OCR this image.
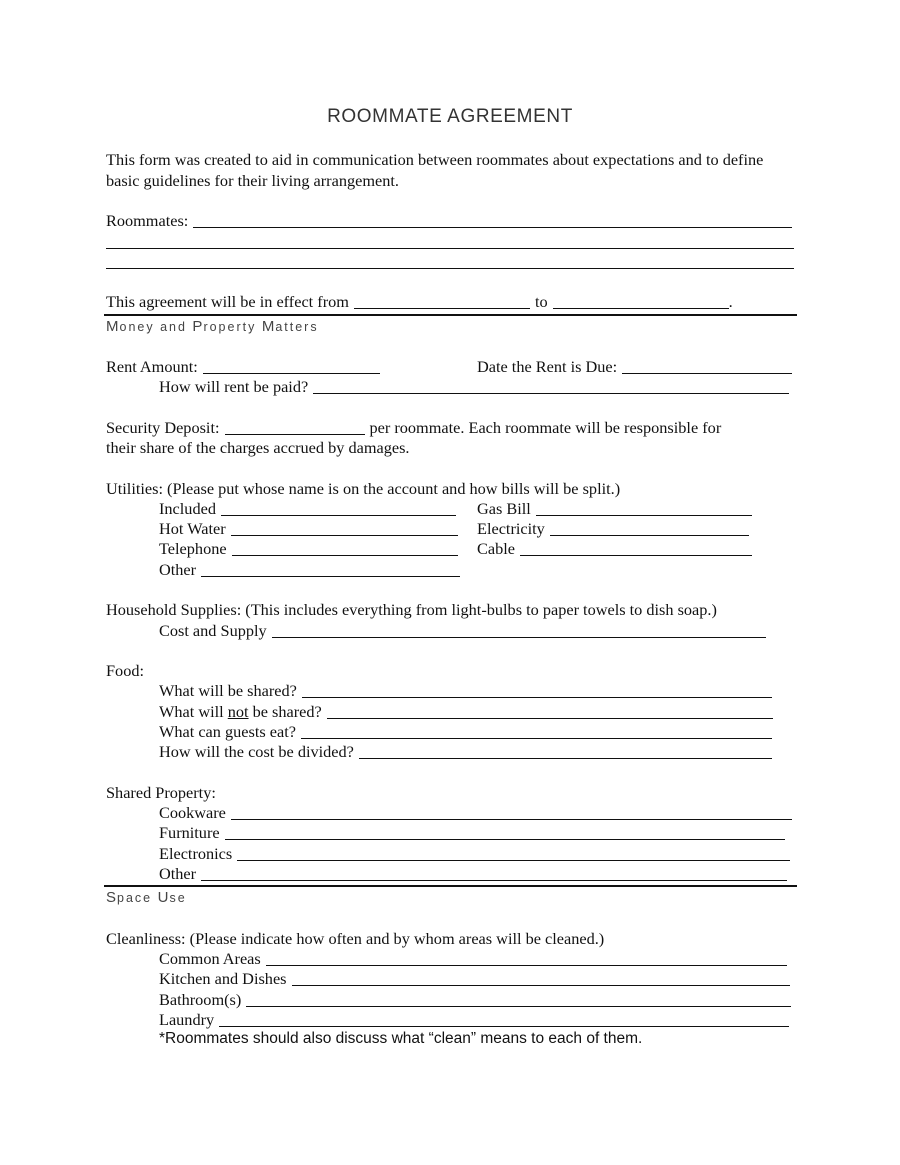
ROOMMATE AGREEMENT
This form was created to aid in communication between roommates about expectations and to define basic guidelines for their living arrangement.
Roommates:
This agreement will be in effect from	to	.
Money and Property Matters
Rent Amount:	Date the Rent is Due:
How will rent be paid?
Security Deposit:	per roommate. Each roommate will be responsible for
their share of the charges accrued by damages.
Utilities: (Please put whose name is on the account and how bills will be split.)
Included	Gas Bill
Hot Water	Electricity
Telephone	Cable
Other
Household Supplies: (This includes everything from light-bulbs to paper towels to dish soap.)
Cost and Supply
Food:
What will be shared?
What will not be shared?
What can guests eat?
How will the cost be divided?
Shared Property:
Cookware
Furniture
Electronics
Other
Space Use
Cleanliness: (Please indicate how often and by whom areas will be cleaned.)
Common Areas
Kitchen and Dishes
Bathroom(s)
Laundry
*Roommates should also discuss what “clean” means to each of them.
